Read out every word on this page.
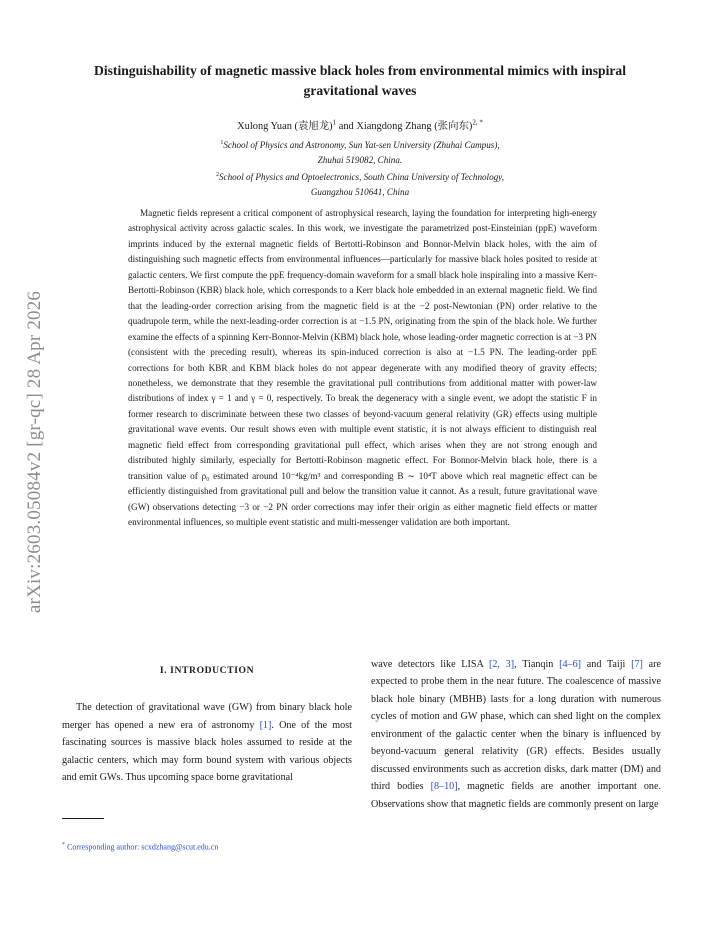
arXiv:2603.05084v2 [gr-qc] 28 Apr 2026
Distinguishability of magnetic massive black holes from environmental mimics with inspiral gravitational waves
Xulong Yuan (袁旭龙)$^1$ and Xiangdong Zhang (张向东)$^{2, *}$
$^1$School of Physics and Astronomy, Sun Yat-sen University (Zhuhai Campus),
Zhuhai 519082, China.
$^2$School of Physics and Optoelectronics, South China University of Technology,
Guangzhou 510641, China

Magnetic fields represent a critical component of astrophysical research, laying the foundation for interpreting high-energy astrophysical activity across galactic scales. In this work, we investigate the parametrized post-Einsteinian (ppE) waveform imprints induced by the external magnetic fields of Bertotti-Robinson and Bonnor-Melvin black holes, with the aim of distinguishing such magnetic effects from environmental influences—particularly for massive black holes posited to reside at galactic centers. We first compute the ppE frequency-domain waveform for a small black hole inspiraling into a massive Kerr-Bertotti-Robinson (KBR) black hole, which corresponds to a Kerr black hole embedded in an external magnetic field. We find that the leading-order correction arising from the magnetic field is at the −2 post-Newtonian (PN) order relative to the quadrupole term, while the next-leading-order correction is at −1.5 PN, originating from the spin of the black hole. We further examine the effects of a spinning Kerr-Bonnor-Melvin (KBM) black hole, whose leading-order magnetic correction is at −3 PN (consistent with the preceding result), whereas its spin-induced correction is also at −1.5 PN. The leading-order ppE corrections for both KBR and KBM black holes do not appear degenerate with any modified theory of gravity effects; nonetheless, we demonstrate that they resemble the gravitational pull contributions from additional matter with power-law distributions of index γ = 1 and γ = 0, respectively. To break the degeneracy with a single event, we adopt the statistic F in former research to discriminate between these two classes of beyond-vacuum general relativity (GR) effects using multiple gravitational wave events. Our result shows even with multiple event statistic, it is not always efficient to distinguish real magnetic field effect from corresponding gravitational pull effect, which arises when they are not strong enough and distributed highly similarly, especially for Bertotti-Robinson magnetic effect. For Bonnor-Melvin black hole, there is a transition value of ρ₀ estimated around 10⁻⁴kg/m³ and corresponding B ∼ 10⁴T above which real magnetic effect can be efficiently distinguished from gravitational pull and below the transition value it cannot. As a result, future gravitational wave (GW) observations detecting −3 or −2 PN order corrections may infer their origin as either magnetic field effects or matter environmental influences, so multiple event statistic and multi-messenger validation are both important.

I. INTRODUCTION

The detection of gravitational wave (GW) from binary black hole merger has opened a new era of astronomy [1]. One of the most fascinating sources is massive black holes assumed to reside at the galactic centers, which may form bound system with various objects and emit GWs. Thus upcoming space borne gravitational

wave detectors like LISA [2, 3], Tianqin [4–6] and Taiji [7] are expected to probe them in the near future. The coalescence of massive black hole binary (MBHB) lasts for a long duration with numerous cycles of motion and GW phase, which can shed light on the complex environment of the galactic center when the binary is influenced by beyond-vacuum general relativity (GR) effects. Besides usually discussed environments such as accretion disks, dark matter (DM) and third bodies [8–10], magnetic fields are another important one. Observations show that magnetic fields are commonly present on large

* Corresponding author: scxdzhang@scut.edu.cn
